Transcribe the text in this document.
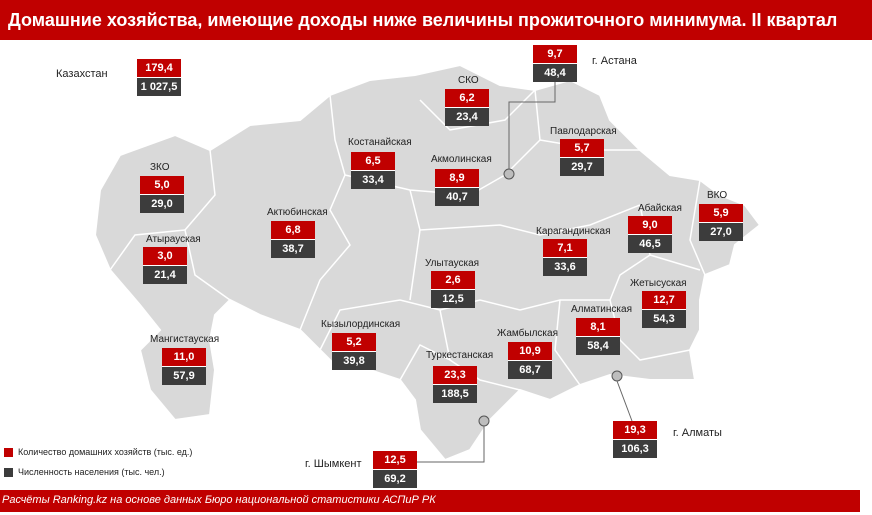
Домашние хозяйства, имеющие доходы ниже величины прожиточного минимума. II квартал
Казахстан	179,4
1 027,5
СКО
6,2
23,4
г. Астана
9,7
48,4
Павлодарская
5,7
29,7
Костанайская
6,5
33,4
Акмолинская
8,9
40,7
ЗКО
5,0
29,0
Актюбинская
6,8
38,7
Абайская
9,0
46,5
ВКО
5,9
27,0
Атырауская
3,0
21,4
Карагандинская
7,1
33,6
Улытауская
2,6
12,5
Жетысуская
12,7
54,3
Кызылординская
5,2
39,8
Алматинская
8,1
58,4
Мангистауская
11,0
57,9
Жамбылская
10,9
68,7
Туркестанская
23,3
188,5
г. Алматы
19,3
106,3
г. Шымкент	12,5
69,2
Количество домашних хозяйств (тыс. ед.)
Численность населения (тыс. чел.)
Расчёты Ranking.kz на основе данных Бюро национальной статистики АСПиР РК
